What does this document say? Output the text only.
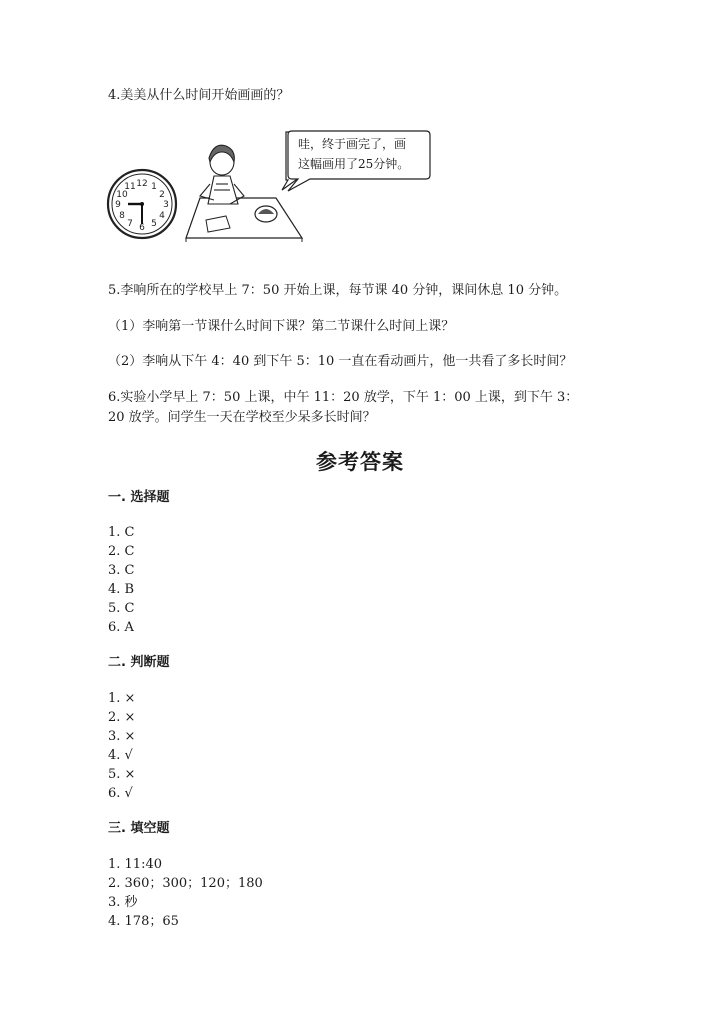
4.美美从什么时间开始画画的？
12 1
2
3
4
5
6
7
8
9
10
11
哇，终于画完了，画
这幅画用了25分钟。
5.李响所在的学校早上 7：50 开始上课，每节课 40 分钟，课间休息 10 分钟。
（1）李响第一节课什么时间下课？第二节课什么时间上课？
（2）李响从下午 4：40 到下午 5：10 一直在看动画片，他一共看了多长时间？
6.实验小学早上 7：50 上课，中午 11：20 放学，下午 1：00 上课，到下午 3：
20 放学。问学生一天在学校至少呆多长时间？
参考答案
一. 选择题
1. C
2. C
3. C
4. B
5. C
6. A
二. 判断题
1. ×
2. ×
3. ×
4. √
5. ×
6. √
三. 填空题
1. 11:40
2. 360；300；120；180
3. 秒
4. 178；65
